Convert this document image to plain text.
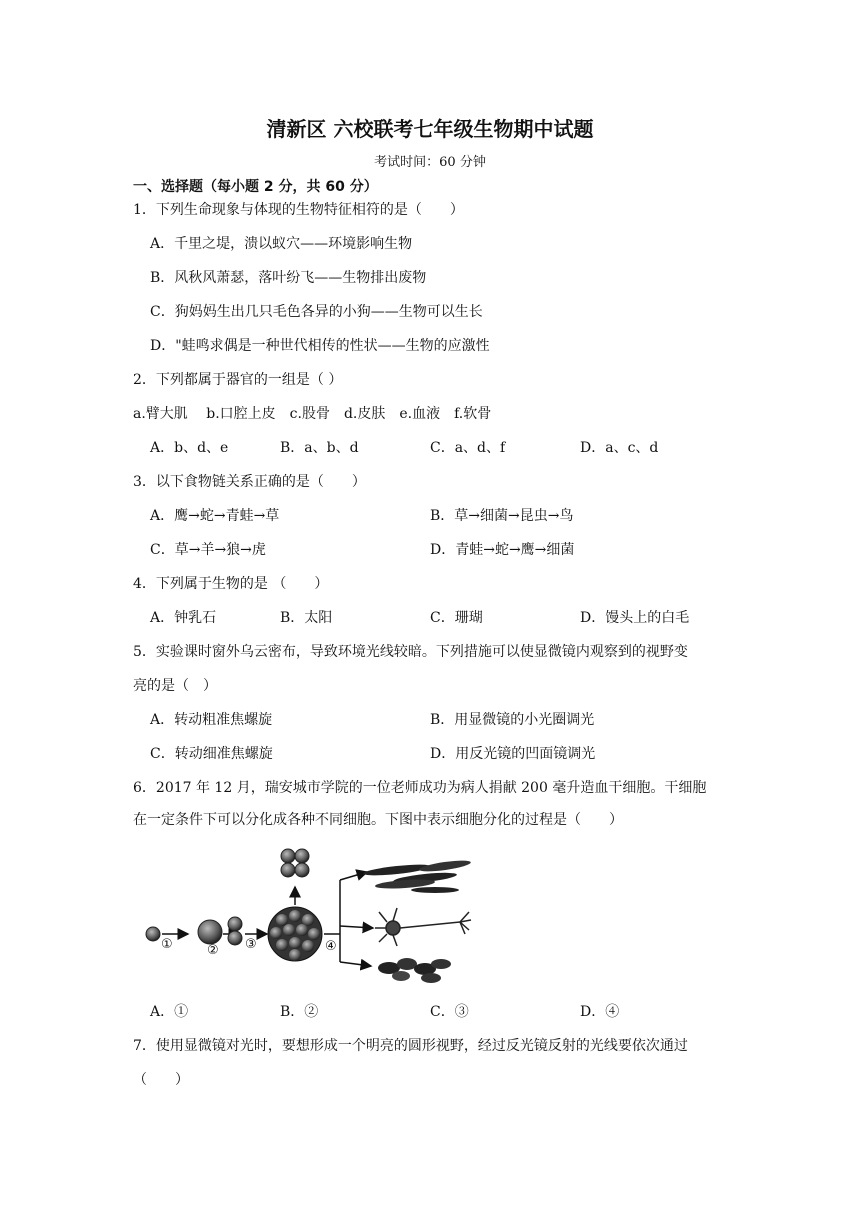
清新区 六校联考七年级生物期中试题
考试时间：60 分钟
一、选择题（每小题 2 分，共 60 分）
1．下列生命现象与体现的生物特征相符的是（　　）
A．千里之堤，溃以蚁穴——环境影响生物
B．风秋风萧瑟，落叶纷飞——生物排出废物
C．狗妈妈生出几只毛色各异的小狗——生物可以生长
D．"蛙鸣求偶是一种世代相传的性状——生物的应激性
2．下列都属于器官的一组是（ ）
a.臂大肌　 b.口腔上皮　c.股骨　d.皮肤　e.血液　f.软骨
A．b、d、e	B．a、b、d	C．a、d、f	D．a、c、d
3．以下食物链关系正确的是（　　）
A．鹰→蛇→青蛙→草	B．草→细菌→昆虫→鸟
C．草→羊→狼→虎	D．青蛙→蛇→鹰→细菌
4．下列属于生物的是 （　　）
A．钟乳石	B．太阳	C．珊瑚	D．馒头上的白毛
5．实验课时窗外乌云密布，导致环境光线较暗。下列措施可以使显微镜内观察到的视野变
亮的是（　）
A．转动粗准焦螺旋	B．用显微镜的小光圈调光
C．转动细准焦螺旋	D．用反光镜的凹面镜调光
6．2017 年 12 月，瑞安城市学院的一位老师成功为病人捐献 200 毫升造血干细胞。干细胞
在一定条件下可以分化成各种不同细胞。下图中表示细胞分化的过程是（　　）
①	② ③	④
A．①	B．②	C．③	D．④
7．使用显微镜对光时，要想形成一个明亮的圆形视野，经过反光镜反射的光线要依次通过
（　　）
